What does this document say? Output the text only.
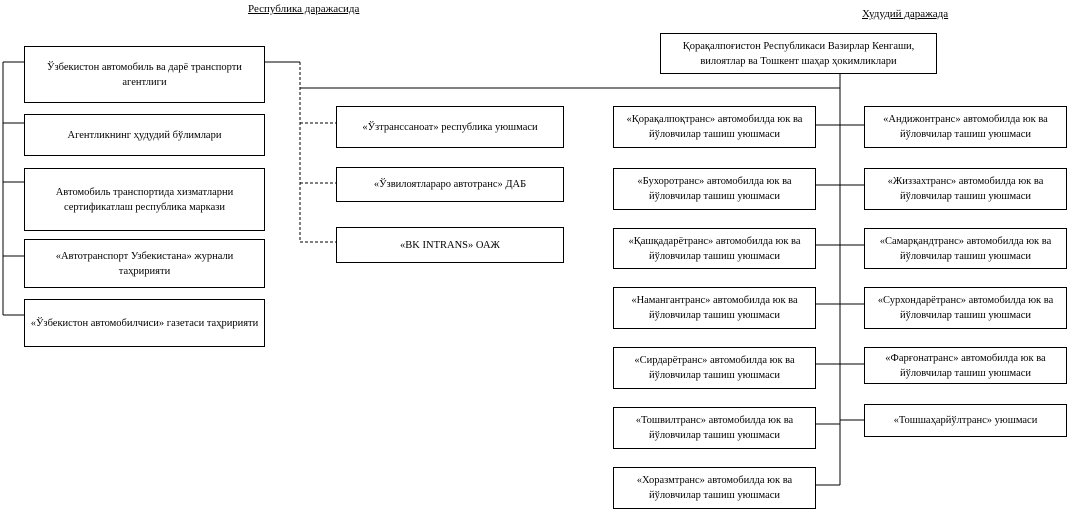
Республика даражасида	Худудий даражада
Ўзбекистон автомобиль ва дарё транспорти агентлиги
Агентликнинг ҳудудий бўлимлари
Автомобиль транспортида хизматларни сертификатлаш республика маркази
«Автотранспорт Узбекистана» журнали таҳририяти
«Ўзбекистон автомобилчиси» газетаси таҳририяти
«Ўзтранссаноат» республика уюшмаси
«Ўзвилоятлараро автотранс» ДАБ
«BK INTRANS» ОАЖ
Қорақалпоғистон Республикаси Вазирлар Кенгаши, вилоятлар ва Тошкент шаҳар ҳокимликлари
«Қорақалпоқтранс» автомобилда юк ва йўловчилар ташиш уюшмаси
«Бухоротранс» автомобилда юк ва йўловчилар ташиш уюшмаси
«Қашқадарётранс» автомобилда юк ва йўловчилар ташиш уюшмаси
«Намангантранс» автомобилда юк ва йўловчилар ташиш уюшмаси
«Сирдарётранс» автомобилда юк ва йўловчилар ташиш уюшмаси
«Тошвилтранс» автомобилда юк ва йўловчилар ташиш уюшмаси
«Хоразмтранс» автомобилда юк ва йўловчилар ташиш уюшмаси
«Андижонтранс» автомобилда юк ва йўловчилар ташиш уюшмаси
«Жиззахтранс» автомобилда юк ва йўловчилар ташиш уюшмаси
«Самарқандтранс» автомобилда юк ва йўловчилар ташиш уюшмаси
«Сурхондарётранс» автомобилда юк ва йўловчилар ташиш уюшмаси
«Фарғонатранс» автомобилда юк ва йўловчилар ташиш уюшмаси
«Тошшаҳарйўлтранс» уюшмаси
